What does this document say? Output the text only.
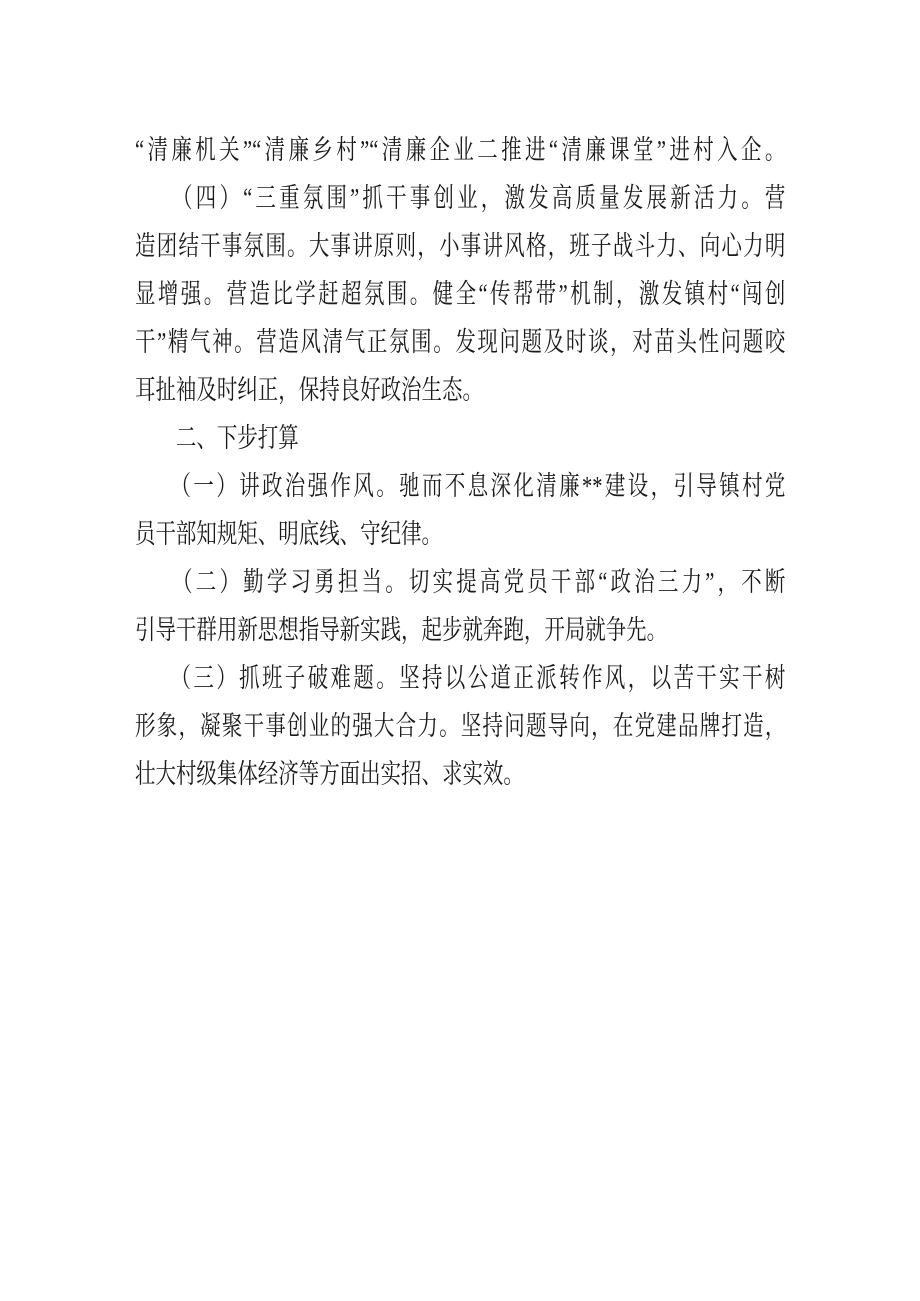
“清廉机关”“清廉乡村”“清廉企业二推进“清廉课堂”进村入企。
　　（四）“三重氛围”抓干事创业，激发高质量发展新活力。营
造团结干事氛围。大事讲原则，小事讲风格，班子战斗力、向心力明
显增强。营造比学赶超氛围。健全“传帮带”机制，激发镇村“闯创
干”精气神。营造风清气正氛围。发现问题及时谈，对苗头性问题咬
耳扯袖及时纠正，保持良好政治生态。
　　二、下步打算
　　（一）讲政治强作风。驰而不息深化清廉**建设，引导镇村党
员干部知规矩、明底线、守纪律。
　　（二）勤学习勇担当。切实提高党员干部“政治三力”，不断
引导干群用新思想指导新实践，起步就奔跑，开局就争先。
　　（三）抓班子破难题。坚持以公道正派转作风，以苦干实干树
形象，凝聚干事创业的强大合力。坚持问题导向，在党建品牌打造，
壮大村级集体经济等方面出实招、求实效。
